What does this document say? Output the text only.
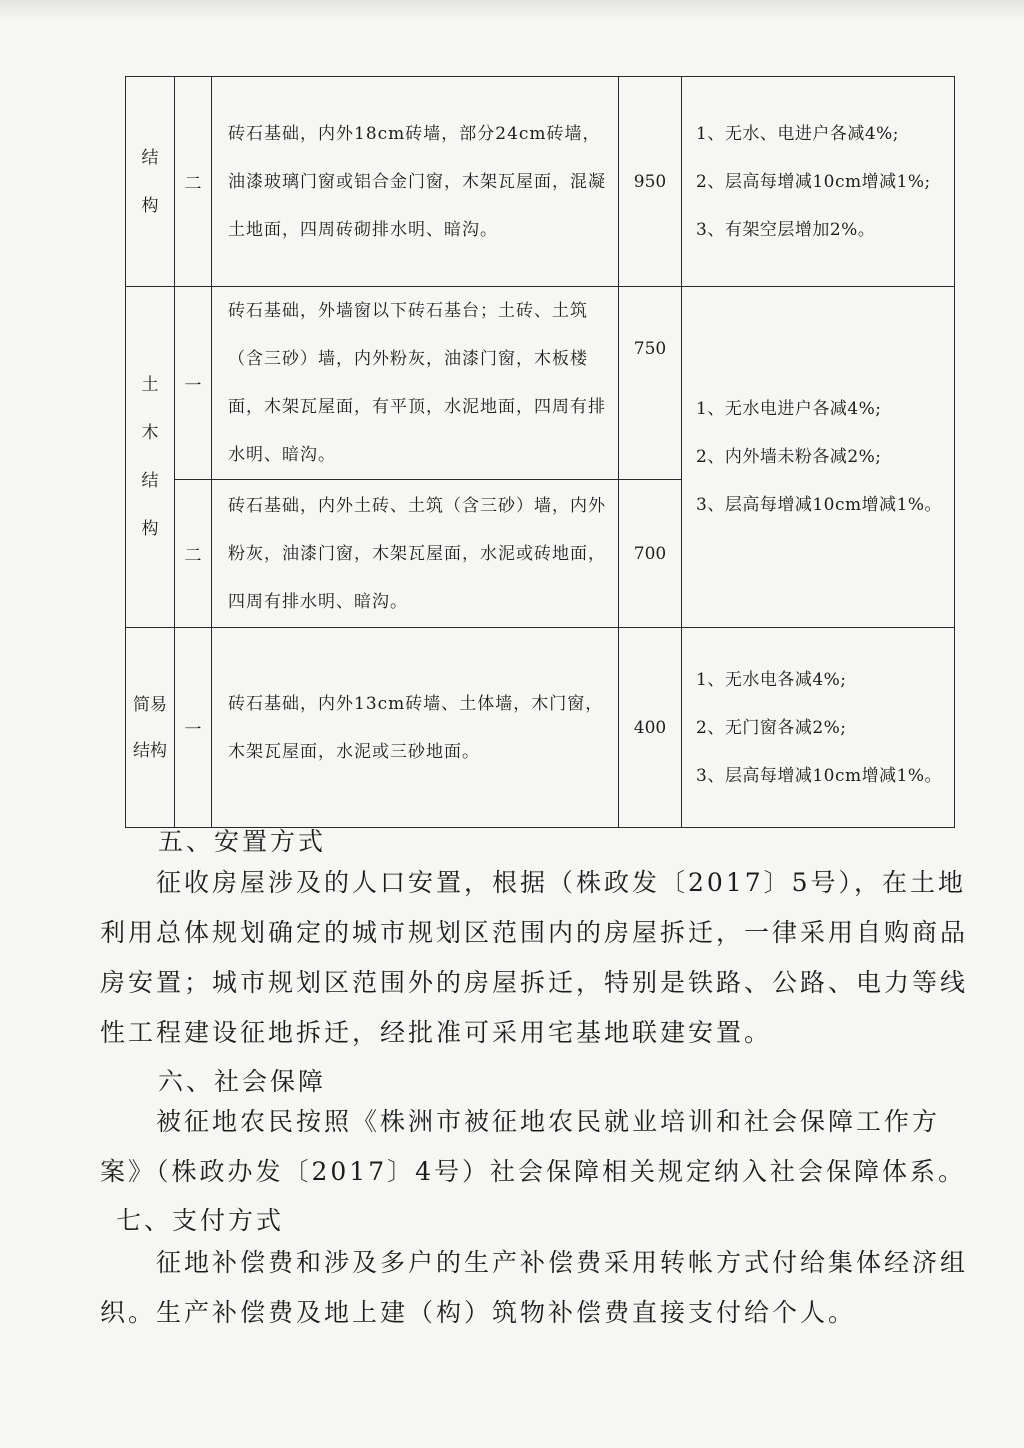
结
构	二	砖石基础，内外18cm砖墙，部分24cm砖墙，油漆玻璃门窗或铝合金门窗，木架瓦屋面，混凝土地面，四周砖砌排水明、暗沟。	950	1、无水、电进户各减4%;
2、层高每增减10cm增减1%;
3、有架空层增加2%。
土
木
结
构	一	砖石基础，外墙窗以下砖石基台；土砖、土筑（含三砂）墙，内外粉灰，油漆门窗，木板楼面，木架瓦屋面，有平顶，水泥地面，四周有排水明、暗沟。	750	1、无水电进户各减4%;
2、内外墙未粉各减2%;
3、层高每增减10cm增减1%。
	二	砖石基础，内外土砖、土筑（含三砂）墙，内外粉灰，油漆门窗，木架瓦屋面，水泥或砖地面，四周有排水明、暗沟。	700	
简易
结构	一	砖石基础，内外13cm砖墙、土体墙，木门窗，木架瓦屋面，水泥或三砂地面。	400	1、无水电各减4%;
2、无门窗各减2%;
3、层高每增减10cm增减1%。
五、安置方式
征收房屋涉及的人口安置，根据（株政发〔2017〕5号），在土地利用总体规划确定的城市规划区范围内的房屋拆迁，一律采用自购商品房安置；城市规划区范围外的房屋拆迁，特别是铁路、公路、电力等线性工程建设征地拆迁，经批准可采用宅基地联建安置。
六、社会保障
被征地农民按照《株洲市被征地农民就业培训和社会保障工作方案》（株政办发〔2017〕4号）社会保障相关规定纳入社会保障体系。
七、支付方式
征地补偿费和涉及多户的生产补偿费采用转帐方式付给集体经济组织。生产补偿费及地上建（构）筑物补偿费直接支付给个人。
